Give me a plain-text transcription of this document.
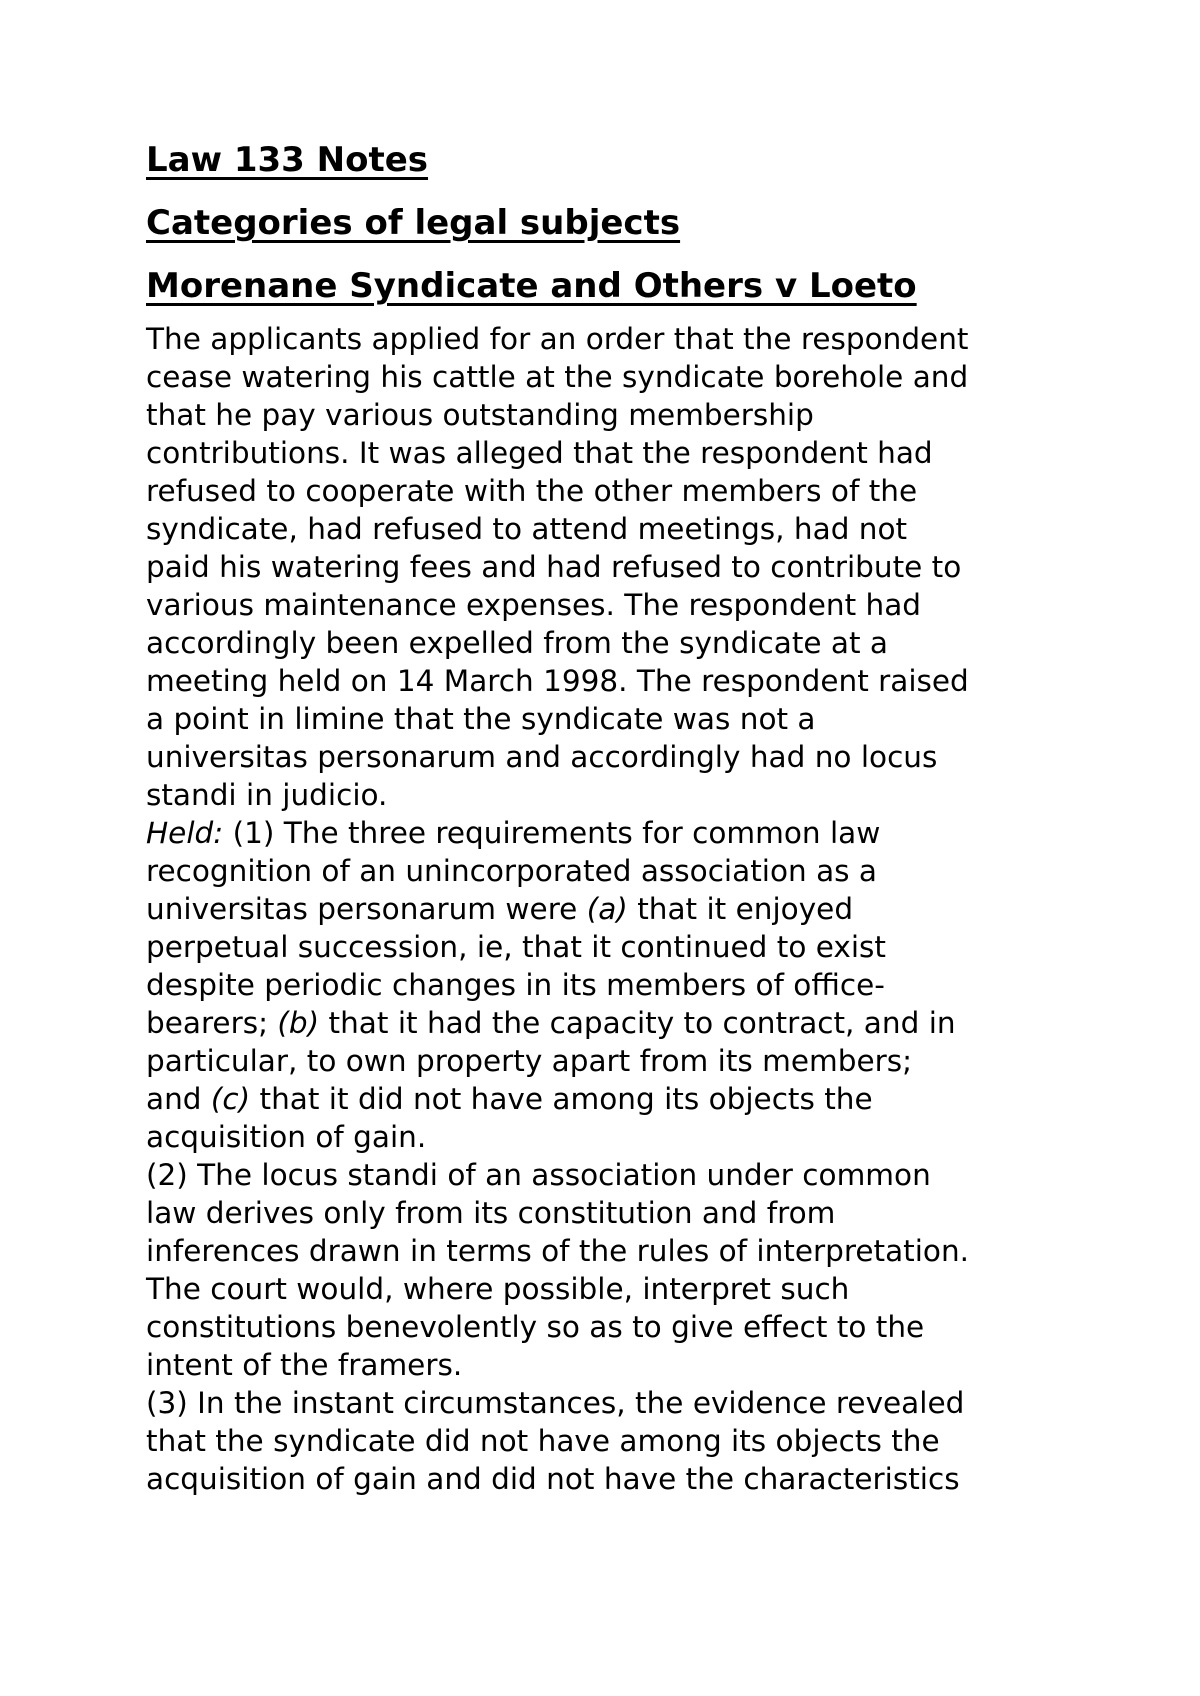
Law 133 Notes
Categories of legal subjects
Morenane Syndicate and Others v Loeto
The applicants applied for an order that the respondent
cease watering his cattle at the syndicate borehole and
that he pay various outstanding membership
contributions. It was alleged that the respondent had
refused to cooperate with the other members of the
syndicate, had refused to attend meetings, had not
paid his watering fees and had refused to contribute to
various maintenance expenses. The respondent had
accordingly been expelled from the syndicate at a
meeting held on 14 March 1998. The respondent raised
a point in limine that the syndicate was not a
universitas personarum and accordingly had no locus
standi in judicio.
Held: (1) The three requirements for common law
recognition of an unincorporated association as a
universitas personarum were (a) that it enjoyed
perpetual succession, ie, that it continued to exist
despite periodic changes in its members of office-
bearers; (b) that it had the capacity to contract, and in
particular, to own property apart from its members;
and (c) that it did not have among its objects the
acquisition of gain.
(2) The locus standi of an association under common
law derives only from its constitution and from
inferences drawn in terms of the rules of interpretation.
The court would, where possible, interpret such
constitutions benevolently so as to give effect to the
intent of the framers.
(3) In the instant circumstances, the evidence revealed
that the syndicate did not have among its objects the
acquisition of gain and did not have the characteristics
